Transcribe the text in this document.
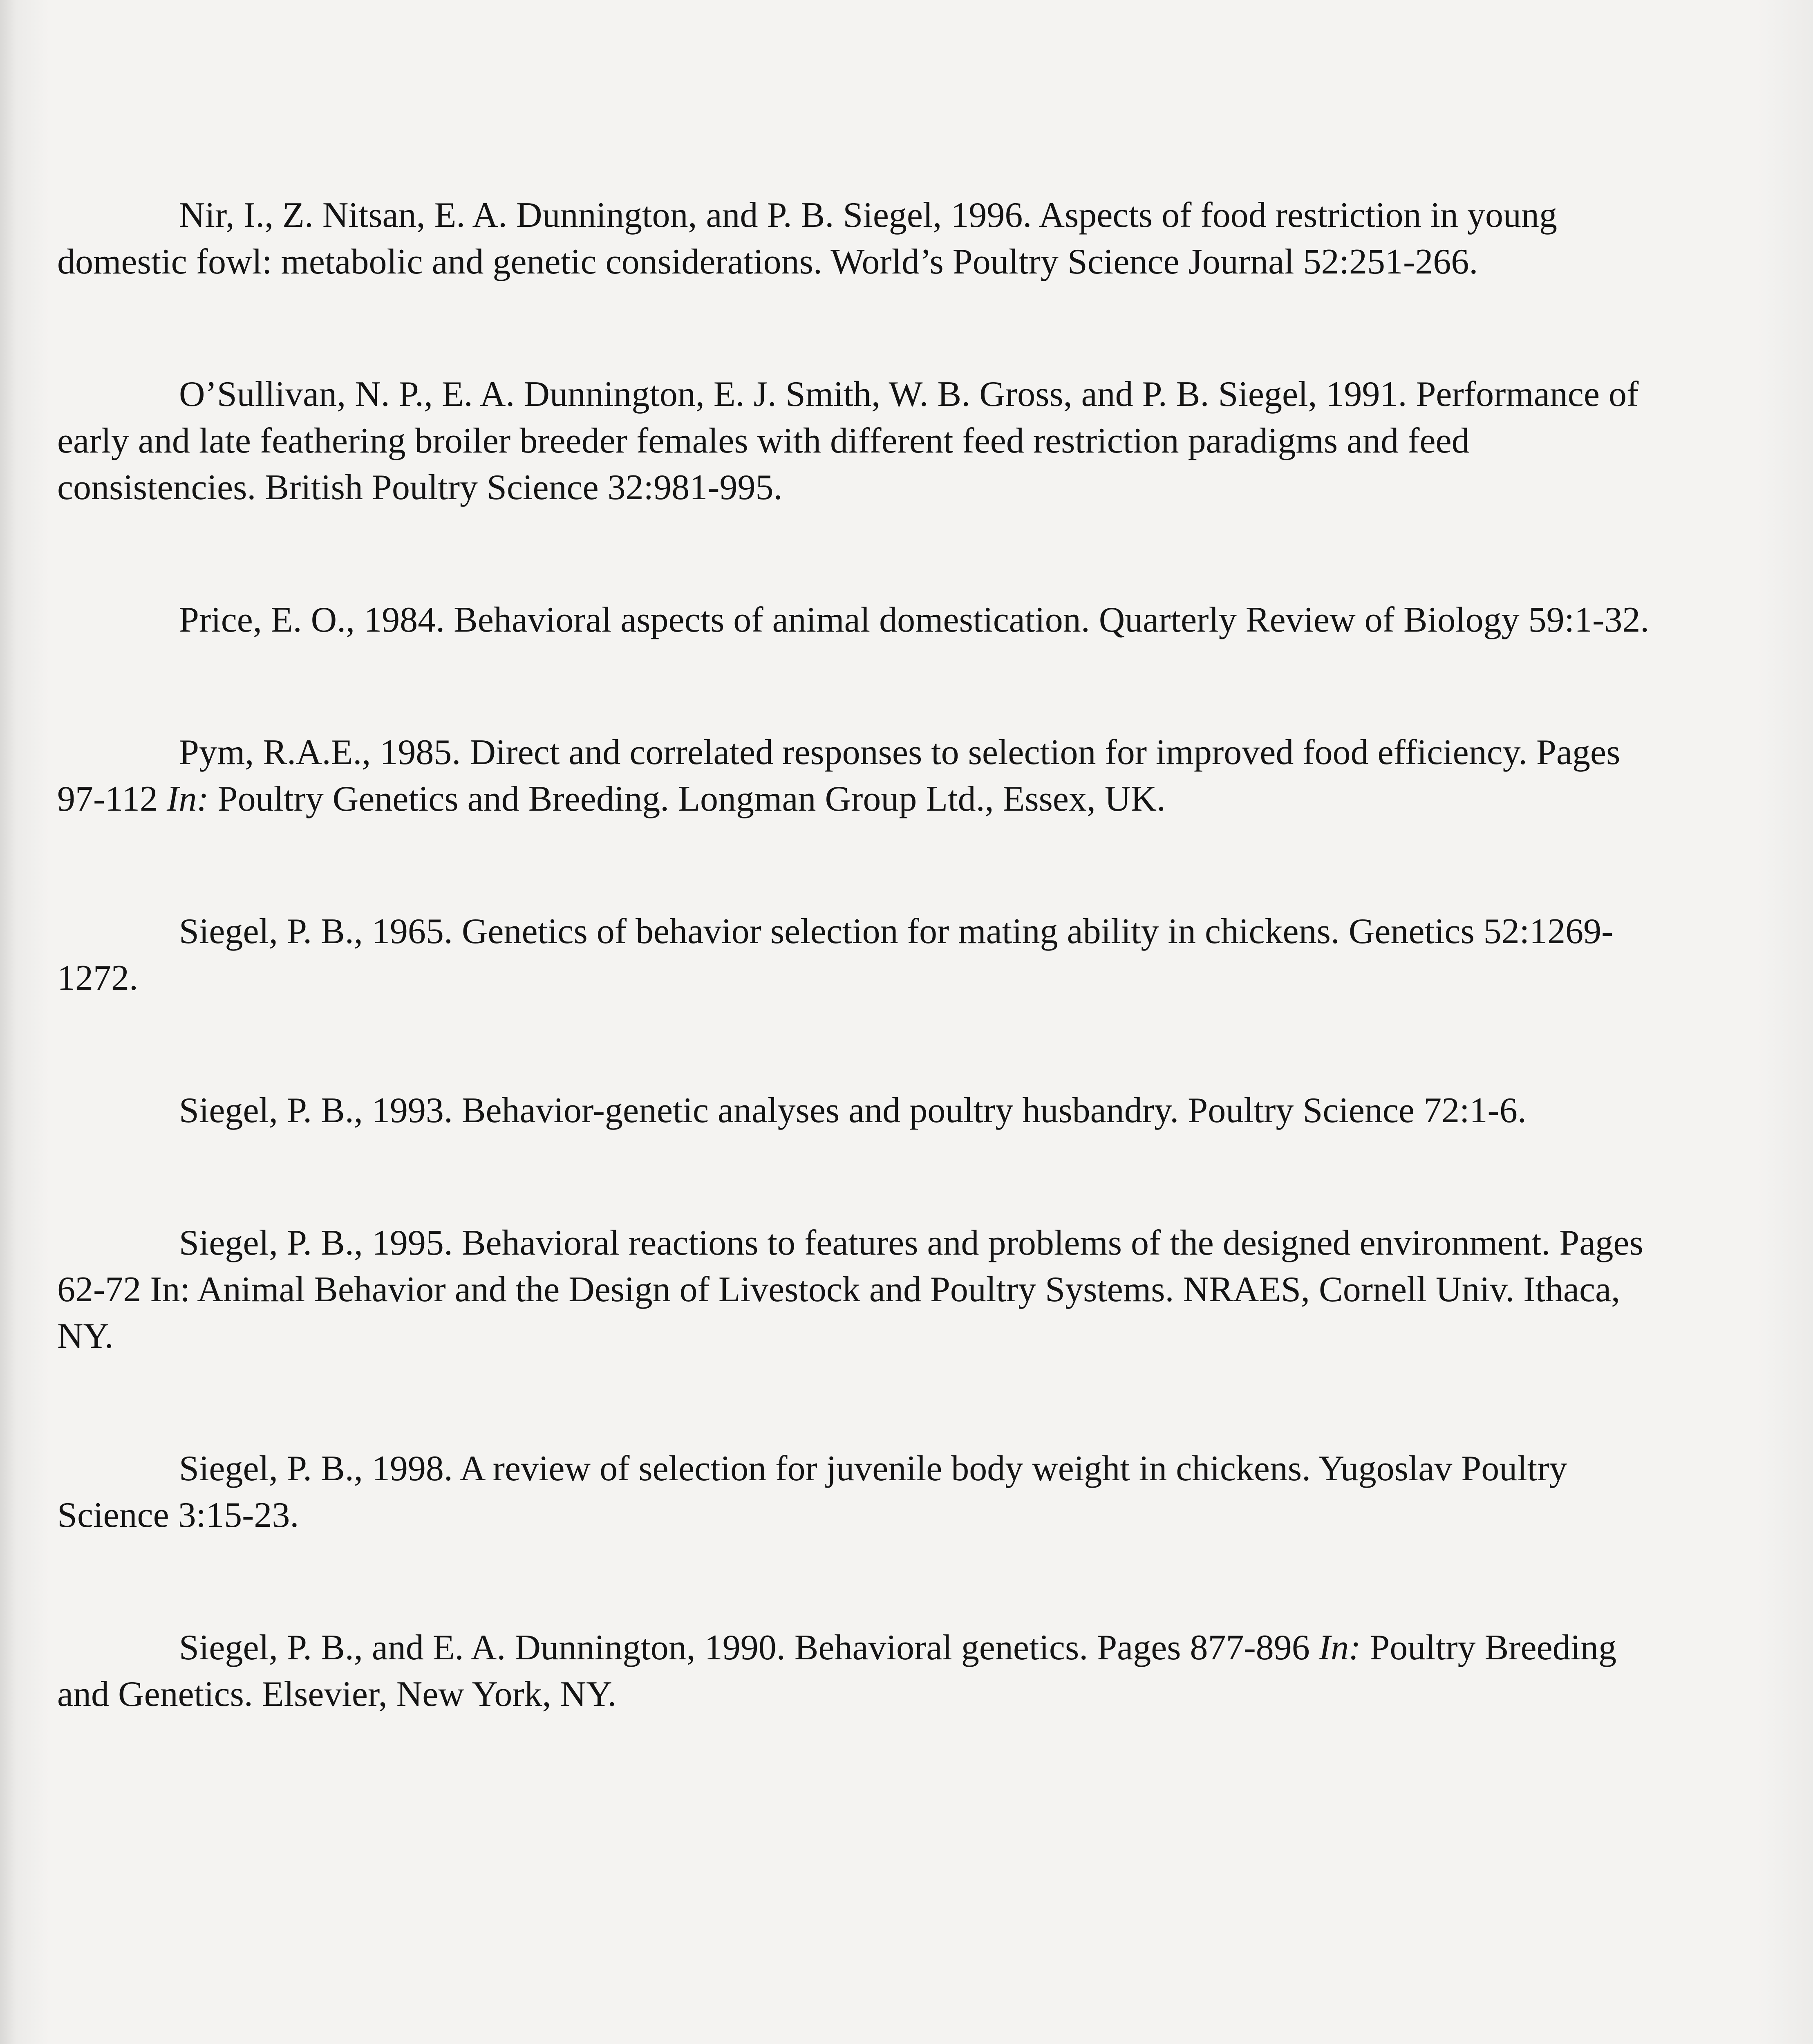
Nir, I., Z. Nitsan, E. A. Dunnington, and P. B. Siegel, 1996. Aspects of food restriction in young domestic fowl: metabolic and genetic considerations. World’s Poultry Science Journal 52:251-266.

O’Sullivan, N. P., E. A. Dunnington, E. J. Smith, W. B. Gross, and P. B. Siegel, 1991. Performance of early and late feathering broiler breeder females with different feed restriction paradigms and feed consistencies. British Poultry Science 32:981-995.

Price, E. O., 1984. Behavioral aspects of animal domestication. Quarterly Review of Biology 59:1-32.

Pym, R.A.E., 1985. Direct and correlated responses to selection for improved food efficiency. Pages 97-112 In: Poultry Genetics and Breeding. Longman Group Ltd., Essex, UK.

Siegel, P. B., 1965. Genetics of behavior selection for mating ability in chickens. Genetics 52:1269-1272.

Siegel, P. B., 1993. Behavior-genetic analyses and poultry husbandry. Poultry Science 72:1-6.

Siegel, P. B., 1995. Behavioral reactions to features and problems of the designed environment. Pages 62-72 In: Animal Behavior and the Design of Livestock and Poultry Systems. NRAES, Cornell Univ. Ithaca, NY.

Siegel, P. B., 1998. A review of selection for juvenile body weight in chickens. Yugoslav Poultry Science 3:15-23.

Siegel, P. B., and E. A. Dunnington, 1990. Behavioral genetics. Pages 877-896 In: Poultry Breeding and Genetics. Elsevier, New York, NY.
